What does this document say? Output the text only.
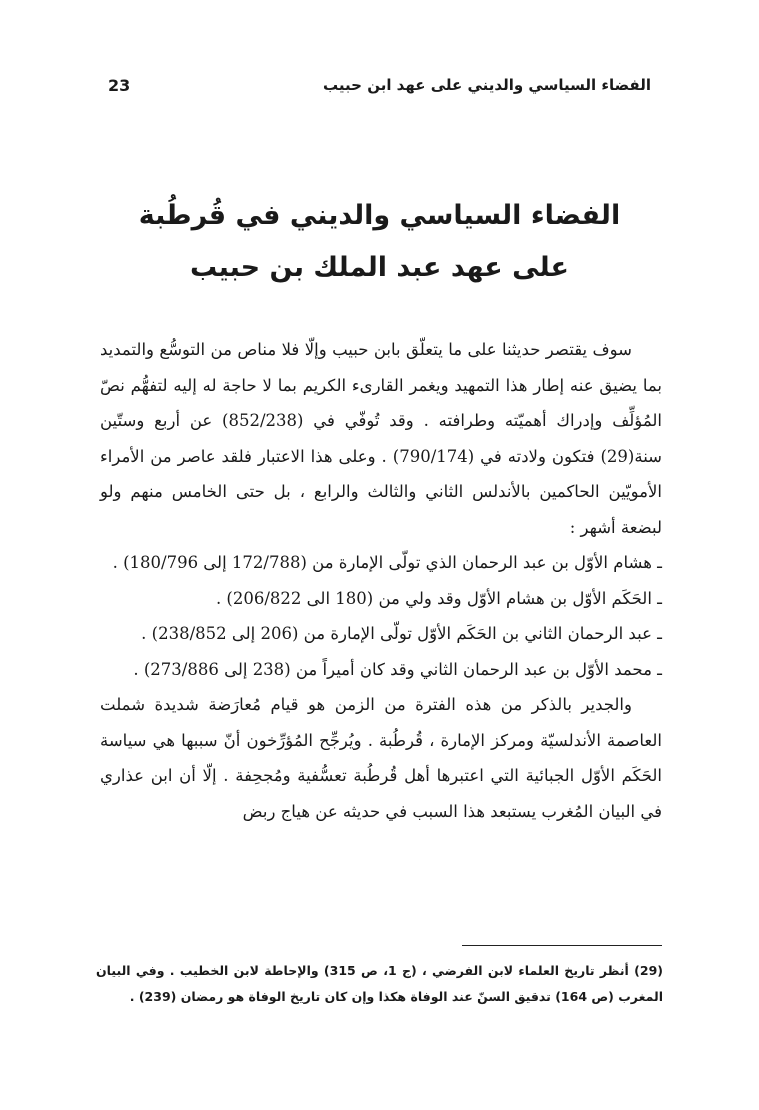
الفضاء السياسي والديني على عهد ابن حبيب
23
الفضاء السياسي والديني في قُرطُبة
على عهد عبد الملك بن حبيب

سوف يقتصر حديثنا على ما يتعلّق بابن حبيب وإلّا فلا مناص من التوسُّع والتمديد بما يضيق عنه إطار هذا التمهيد ويغمر القارىء الكريم بما لا حاجة له إليه لتفهُّم نصّ المُؤلِّف وإدراك أهميّته وطرافته . وقد تُوفّي في (852/238) عن أربع وستّين سنة(29) فتكون ولادته في (790/174) . وعلى هذا الاعتبار فلقد عاصر من الأمراء الأمويّين الحاكمين بالأندلس الثاني والثالث والرابع ، بل حتى الخامس منهم ولو لبضعة أشهر :

ـ هشام الأوّل بن عبد الرحمان الذي تولّى الإمارة من (172/788 إلى 180/796) .

ـ الحَكَم الأوّل بن هشام الأوّل وقد ولي من (180 الى 206/822) .

ـ عبد الرحمان الثاني بن الحَكَم الأوّل تولّى الإمارة من (206 إلى 238/852) .

ـ محمد الأوّل بن عبد الرحمان الثاني وقد كان أميراً من (238 إلى 273/886) .

والجدير بالذكر من هذه الفترة من الزمن هو قيام مُعارَضة شديدة شملت العاصمة الأندلسيّة ومركز الإمارة ، قُرطُبة . ويُرجِّح المُؤرِّخون أنّ سببها هي سياسة الحَكَم الأوّل الجبائية التي اعتبرها أهل قُرطُبة تعسُّفية ومُجحِفة . إلّا أن ابن عذاري في البيان المُغرب يستبعد هذا السبب في حديثه عن هياج ربض

(29) أنظر تاريخ العلماء لابن الفرضي ، (ج 1، ص 315) والإحاطة لابن الخطيب . وفي البيان المغرب (ص 164) تدقيق السنّ عند الوفاة هكذا وإن كان تاريخ الوفاة هو رمضان (239) .
